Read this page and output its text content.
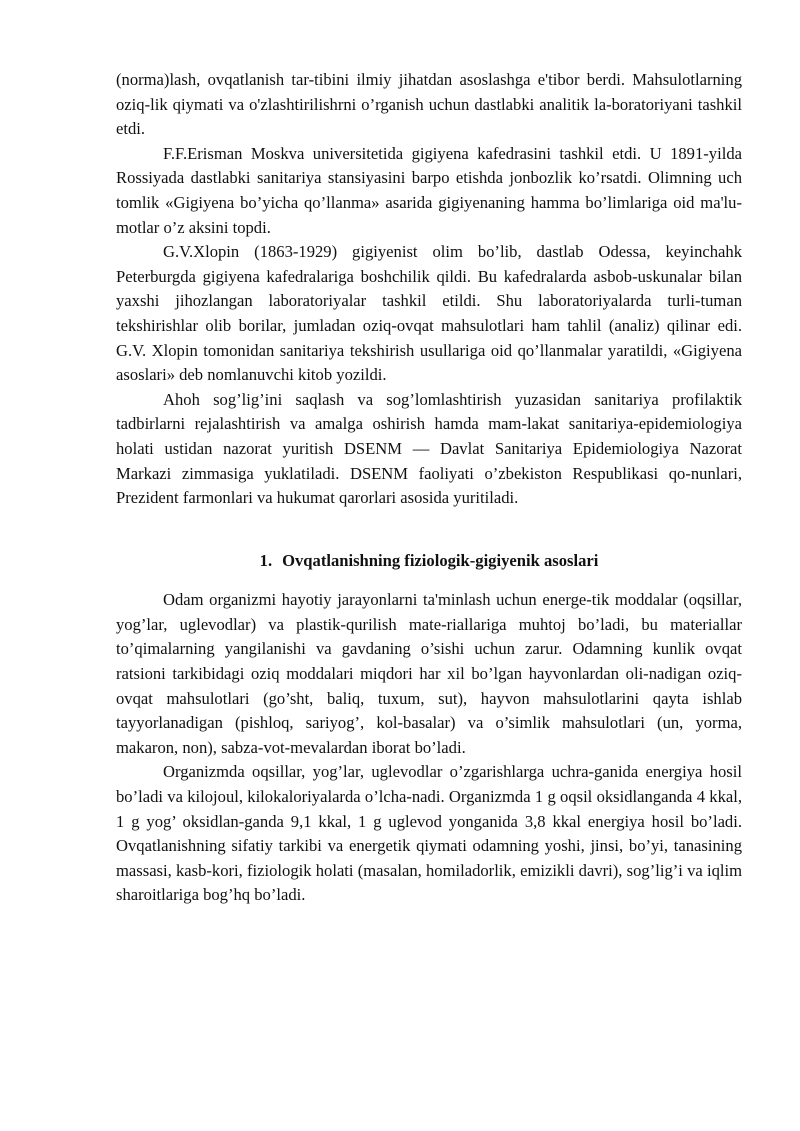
(norma)lash, ovqatlanish tar-tibini ilmiy jihatdan asoslashga e'tibor berdi. Mahsulotlarning oziq-lik qiymati va o'zlashtirilishrni o’rganish uchun dastlabki analitik la-boratoriyani tashkil etdi.

F.F.Erisman Moskva universitetida gigiyena kafedrasini tashkil etdi. U 1891-yilda Rossiyada dastlabki sanitariya stansiyasini barpo etishda jonbozlik ko’rsatdi. Olimning uch tomlik «Gigiyena bo’yicha qo’llanma» asarida gigiyenaning hamma bo’limlariga oid ma'lu-motlar o’z aksini topdi.

G.V.Xlopin (1863-1929) gigiyenist olim bo’lib, dastlab Odessa, keyinchahk Peterburgda gigiyena kafedralariga boshchilik qildi. Bu kafedralarda asbob-uskunalar bilan yaxshi jihozlangan laboratoriyalar tashkil etildi. Shu laboratoriyalarda turli-tuman tekshirishlar olib borilar, jumladan oziq-ovqat mahsulotlari ham tahlil (analiz) qilinar edi. G.V. Xlopin tomonidan sanitariya tekshirish usullariga oid qo’llanmalar yaratildi, «Gigiyena asoslari» deb nomlanuvchi kitob yozildi.

Ahoh sog’lig’ini saqlash va sog’lomlashtirish yuzasidan sanitariya profilaktik tadbirlarni rejalashtirish va amalga oshirish hamda mam-lakat sanitariya-epidemiologiya holati ustidan nazorat yuritish DSENM — Davlat Sanitariya Epidemiologiya Nazorat Markazi zimmasiga yuklatiladi. DSENM faoliyati o’zbekiston Respublikasi qo-nunlari, Prezident farmonlari va hukumat qarorlari asosida yuritiladi.

1. Ovqatlanishning fiziologik-gigiyenik asoslari

Odam organizmi hayotiy jarayonlarni ta'minlash uchun energe-tik moddalar (oqsillar, yog’lar, uglevodlar) va plastik-qurilish mate-riallariga muhtoj bo’ladi, bu materiallar to’qimalarning yangilanishi va gavdaning o’sishi uchun zarur. Odamning kunlik ovqat ratsioni tarkibidagi oziq moddalari miqdori har xil bo’lgan hayvonlardan oli-nadigan oziq-ovqat mahsulotlari (go’sht, baliq, tuxum, sut), hayvon mahsulotlarini qayta ishlab tayyorlanadigan (pishloq, sariyog’, kol-basalar) va o’simlik mahsulotlari (un, yorma, makaron, non), sabza-vot-mevalardan iborat bo’ladi.

Organizmda oqsillar, yog’lar, uglevodlar o’zgarishlarga uchra-ganida energiya hosil bo’ladi va kilojoul, kilokaloriyalarda o’lcha-nadi. Organizmda 1 g oqsil oksidlanganda 4 kkal, 1 g yog’ oksidlan-ganda 9,1 kkal, 1 g uglevod yonganida 3,8 kkal energiya hosil bo’ladi. Ovqatlanishning sifatiy tarkibi va energetik qiymati odamning yoshi, jinsi, bo’yi, tanasining massasi, kasb-kori, fiziologik holati (masalan, homiladorlik, emizikli davri), sog’lig’i va iqlim sharoitlariga bog’hq bo’ladi.
